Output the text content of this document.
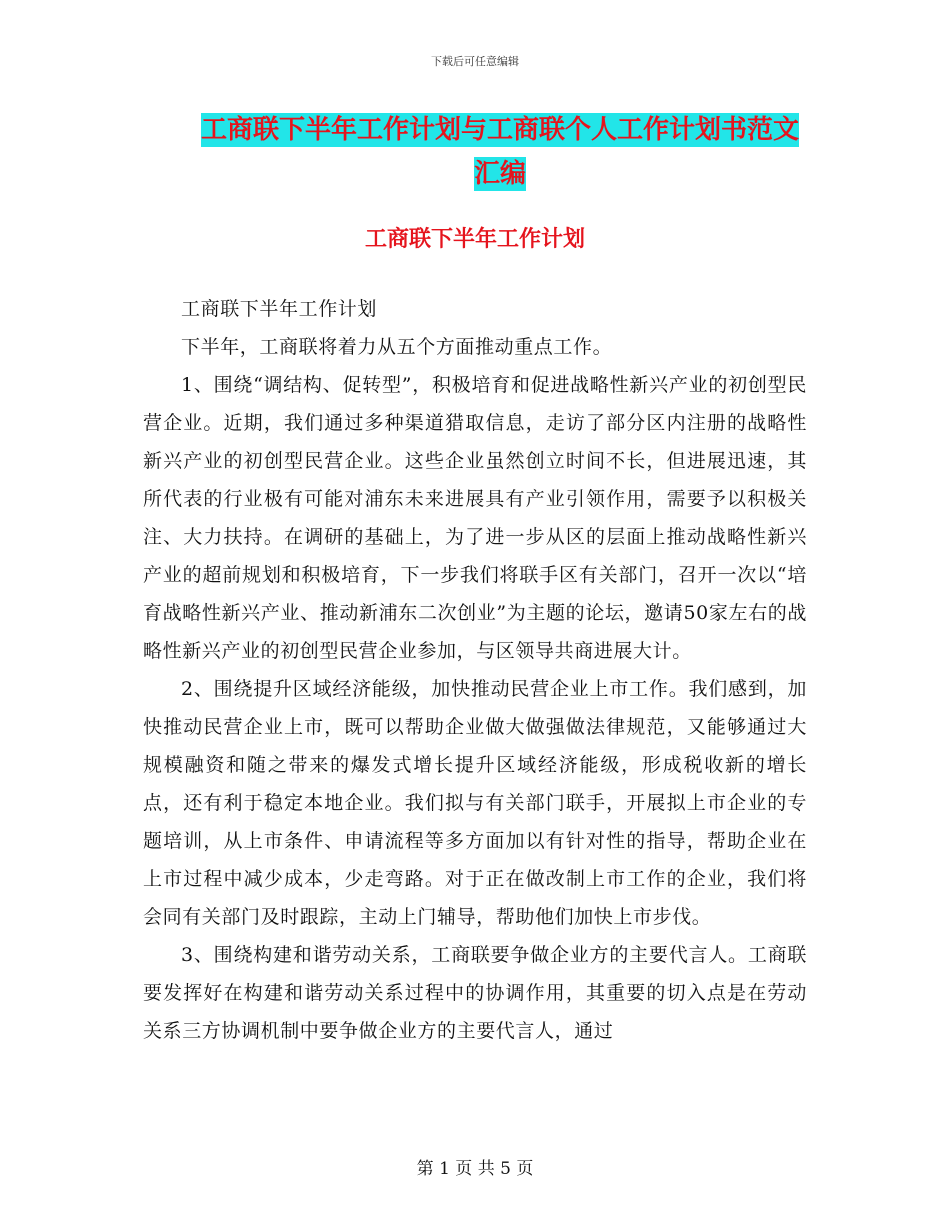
下载后可任意编辑
工商联下半年工作计划与工商联个人工作计划书范文
汇编
工商联下半年工作计划

工商联下半年工作计划

下半年，工商联将着力从五个方面推动重点工作。

1、围绕“调结构、促转型”，积极培育和促进战略性新兴产业的初创型民营企业。近期，我们通过多种渠道猎取信息，走访了部分区内注册的战略性新兴产业的初创型民营企业。这些企业虽然创立时间不长，但进展迅速，其所代表的行业极有可能对浦东未来进展具有产业引领作用，需要予以积极关注、大力扶持。在调研的基础上，为了进一步从区的层面上推动战略性新兴产业的超前规划和积极培育，下一步我们将联手区有关部门，召开一次以“培育战略性新兴产业、推动新浦东二次创业”为主题的论坛，邀请50家左右的战略性新兴产业的初创型民营企业参加，与区领导共商进展大计。

2、围绕提升区域经济能级，加快推动民营企业上市工作。我们感到，加快推动民营企业上市，既可以帮助企业做大做强做法律规范，又能够通过大规模融资和随之带来的爆发式增长提升区域经济能级，形成税收新的增长点，还有利于稳定本地企业。我们拟与有关部门联手，开展拟上市企业的专题培训，从上市条件、申请流程等多方面加以有针对性的指导，帮助企业在上市过程中减少成本，少走弯路。对于正在做改制上市工作的企业，我们将会同有关部门及时跟踪，主动上门辅导，帮助他们加快上市步伐。

3、围绕构建和谐劳动关系，工商联要争做企业方的主要代言人。工商联要发挥好在构建和谐劳动关系过程中的协调作用，其重要的切入点是在劳动关系三方协调机制中要争做企业方的主要代言人，通过

第 1 页 共 5 页
